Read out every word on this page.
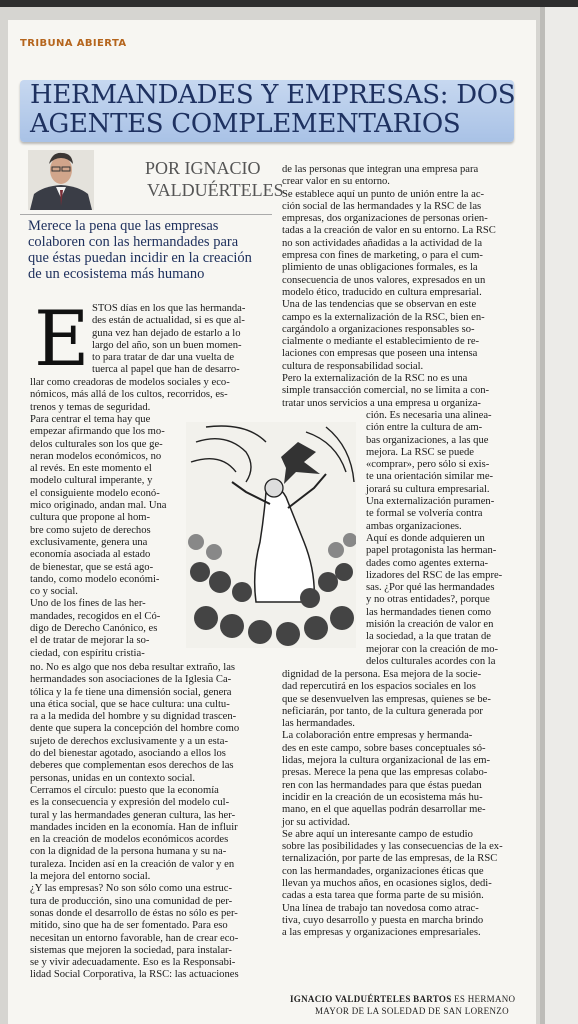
TRIBUNA ABIERTA
HERMANDADES Y EMPRESAS: DOS
AGENTES COMPLEMENTARIOS
POR IGNACIO
VALDUÉRTELES
Merece la pena que las empresas
colaboren con las hermandades para
que éstas puedan incidir en la creación
de un ecosistema más humano
E STOS días en los que las hermanda-
des están de actualidad, si es que al-
guna vez han dejado de estarlo a lo
largo del año, son un buen momen-
to para tratar de dar una vuelta de
tuerca al papel que han de desarro-
llar como creadoras de modelos sociales y eco-
nómicos, más allá de los cultos, recorridos, es-
trenos y temas de seguridad.
Para centrar el tema hay que
empezar afirmando que los mo-
delos culturales son los que ge-
neran modelos económicos, no
al revés. En este momento el
modelo cultural imperante, y
el consiguiente modelo econó-
mico originado, andan mal. Una
cultura que propone al hom-
bre como sujeto de derechos
exclusivamente, genera una
economía asociada al estado
de bienestar, que se está ago-
tando, como modelo económi-
co y social.
Uno de los fines de las her-
mandades, recogidos en el Có-
digo de Derecho Canónico, es
el de tratar de mejorar la so-
ciedad, con espíritu cristia-
no. No es algo que nos deba resultar extraño, las
hermandades son asociaciones de la Iglesia Ca-
tólica y la fe tiene una dimensión social, genera
una ética social, que se hace cultura: una cultu-
ra a la medida del hombre y su dignidad trascen-
dente que supera la concepción del hombre como
sujeto de derechos exclusivamente y a un esta-
do del bienestar agotado, asociando a ellos los
deberes que complementan esos derechos de las
personas, unidas en un contexto social.
Cerramos el círculo: puesto que la economía
es la consecuencia y expresión del modelo cul-
tural y las hermandades generan cultura, las her-
mandades inciden en la economía. Han de influir
en la creación de modelos económicos acordes
con la dignidad de la persona humana y su na-
turaleza. Inciden así en la creación de valor y en
la mejora del entorno social.
¿Y las empresas? No son sólo como una estruc-
tura de producción, sino una comunidad de per-
sonas donde el desarrollo de éstas no sólo es per-
mitido, sino que ha de ser fomentado. Para eso
necesitan un entorno favorable, han de crear eco-
sistemas que mejoren la sociedad, para instalar-
se y vivir adecuadamente. Eso es la Responsabi-
lidad Social Corporativa, la RSC: las actuaciones
de las personas que integran una empresa para
crear valor en su entorno.
Se establece aquí un punto de unión entre la ac-
ción social de las hermandades y la RSC de las
empresas, dos organizaciones de personas orien-
tadas a la creación de valor en su entorno. La RSC
no son actividades añadidas a la actividad de la
empresa con fines de marketing, o para el cum-
plimiento de unas obligaciones formales, es la
consecuencia de unos valores, expresados en un
modelo ético, traducido en cultura empresarial.
Una de las tendencias que se observan en este
campo es la externalización de la RSC, bien en-
cargándolo a organizaciones responsables so-
cialmente o mediante el establecimiento de re-
laciones con empresas que poseen una intensa
cultura de responsabilidad social.
Pero la externalización de la RSC no es una
simple transacción comercial, no se limita a con-
tratar unos servicios a una empresa u organiza-
ción. Es necesaria una alinea-
ción entre la cultura de am-
bas organizaciones, a las que
mejora. La RSC se puede
«comprar», pero sólo si exis-
te una orientación similar me-
jorará su cultura empresarial.
Una externalización puramen-
te formal se volvería contra
ambas organizaciones.
Aquí es donde adquieren un
papel protagonista las herman-
dades como agentes externa-
lizadores del RSC de las empre-
sas. ¿Por qué las hermandades
y no otras entidades?, porque
las hermandades tienen como
misión la creación de valor en
la sociedad, a la que tratan de
mejorar con la creación de mo-
delos culturales acordes con la
dignidad de la persona. Esa mejora de la socie-
dad repercutirá en los espacios sociales en los
que se desenvuelven las empresas, quienes se be-
neficiarán, por tanto, de la cultura generada por
las hermandades.
La colaboración entre empresas y hermanda-
des en este campo, sobre bases conceptuales só-
lidas, mejora la cultura organizacional de las em-
presas. Merece la pena que las empresas colabo-
ren con las hermandades para que éstas puedan
incidir en la creación de un ecosistema más hu-
mano, en el que aquellas podrán desarrollar me-
jor su actividad.
Se abre aquí un interesante campo de estudio
sobre las posibilidades y las consecuencias de la ex-
ternalización, por parte de las empresas, de la RSC
con las hermandades, organizaciones éticas que
llevan ya muchos años, en ocasiones siglos, dedi-
cadas a esta tarea que forma parte de su misión.
Una línea de trabajo tan novedosa como atrac-
tiva, cuyo desarrollo y puesta en marcha brindo
a las empresas y organizaciones empresariales.
IGNACIO VALDUÉRTELES BARTOS ES HERMANO
MAYOR DE LA SOLEDAD DE SAN LORENZO
